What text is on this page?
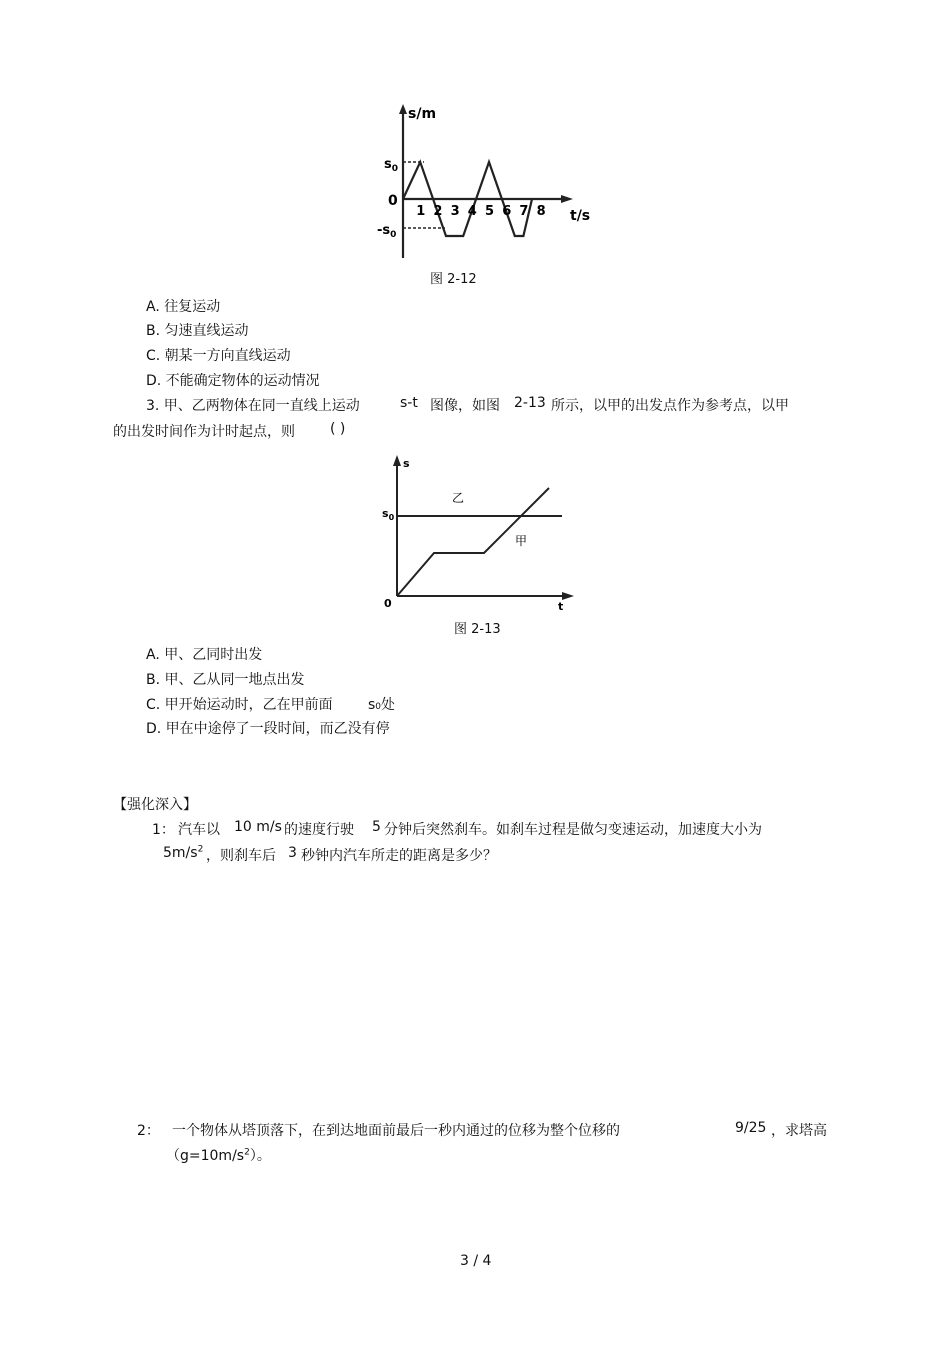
s/m
t/s
$s_0$
$-s_0$
0
1 2 3 4 5 6 7 8
图 2-12
A. 往复运动
B. 匀速直线运动
C. 朝某一方向直线运动
D. 不能确定物体的运动情况
3. 甲、乙两物体在同一直线上运动	s-t 图像，如图 2-13 所示，以甲的出发点作为参考点，以甲
的出发时间作为计时起点，则	( )
s
t
$s_0$
0
乙
甲
图 2-13
A. 甲、乙同时出发
B. 甲、乙从同一地点出发
C. 甲开始运动时，乙在甲前面	s0处
D. 甲在中途停了一段时间，而乙没有停
【强化深入】
1： 汽车以 10 m/s 的速度行驶 5 分钟后突然刹车。如刹车过程是做匀变速运动，加速度大小为
$5m/s^2$ ，则刹车后 3 秒钟内汽车所走的距离是多少？
2： 一个物体从塔顶落下，在到达地面前最后一秒内通过的位移为整个位移的	9/25 ，求塔高
$(g=10m/s^2)$。
3 / 4
